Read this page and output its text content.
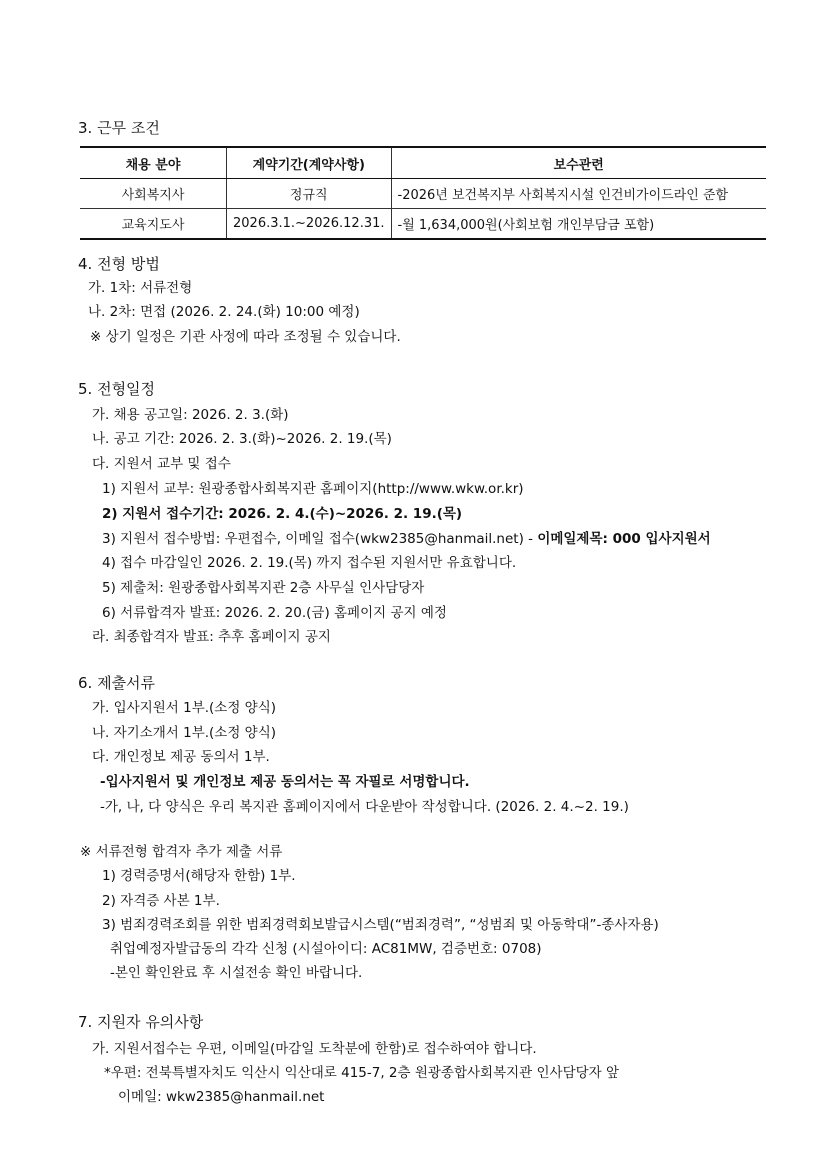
3. 근무 조건
채용 분야	계약기간(계약사항)	보수관련
사회복지사	정규직	-2026년 보건복지부 사회복지시설 인건비가이드라인 준함
교육지도사	2026.3.1.~2026.12.31.	-월 1,634,000원(사회보험 개인부담금 포함)
4. 전형 방법
가. 1차: 서류전형
나. 2차: 면접 (2026. 2. 24.(화) 10:00 예정)
※ 상기 일정은 기관 사정에 따라 조정될 수 있습니다.
5. 전형일정
가. 채용 공고일: 2026. 2. 3.(화)
나. 공고 기간: 2026. 2. 3.(화)~2026. 2. 19.(목)
다. 지원서 교부 및 접수
1) 지원서 교부: 원광종합사회복지관 홈페이지(http://www.wkw.or.kr)
2) 지원서 접수기간: 2026. 2. 4.(수)~2026. 2. 19.(목)
3) 지원서 접수방법: 우편접수, 이메일 접수(wkw2385@hanmail.net) - 이메일제목: 000 입사지원서
4) 접수 마감일인 2026. 2. 19.(목) 까지 접수된 지원서만 유효합니다.
5) 제출처: 원광종합사회복지관 2층 사무실 인사담당자
6) 서류합격자 발표: 2026. 2. 20.(금) 홈페이지 공지 예정
라. 최종합격자 발표: 추후 홈페이지 공지
6. 제출서류
가. 입사지원서 1부.(소정 양식)
나. 자기소개서 1부.(소정 양식)
다. 개인정보 제공 동의서 1부.
-입사지원서 및 개인정보 제공 동의서는 꼭 자필로 서명합니다.
-가, 나, 다 양식은 우리 복지관 홈페이지에서 다운받아 작성합니다. (2026. 2. 4.~2. 19.)
※ 서류전형 합격자 추가 제출 서류
1) 경력증명서(해당자 한함) 1부.
2) 자격증 사본 1부.
3) 범죄경력조회를 위한 범죄경력회보발급시스템(“범죄경력”, “성범죄 및 아동학대”-종사자용)
취업예정자발급동의 각각 신청 (시설아이디: AC81MW, 검증번호: 0708)
-본인 확인완료 후 시설전송 확인 바랍니다.
7. 지원자 유의사항
가. 지원서접수는 우편, 이메일(마감일 도착분에 한함)로 접수하여야 합니다.
*우편: 전북특별자치도 익산시 익산대로 415-7, 2층 원광종합사회복지관 인사담당자 앞
이메일: wkw2385@hanmail.net
